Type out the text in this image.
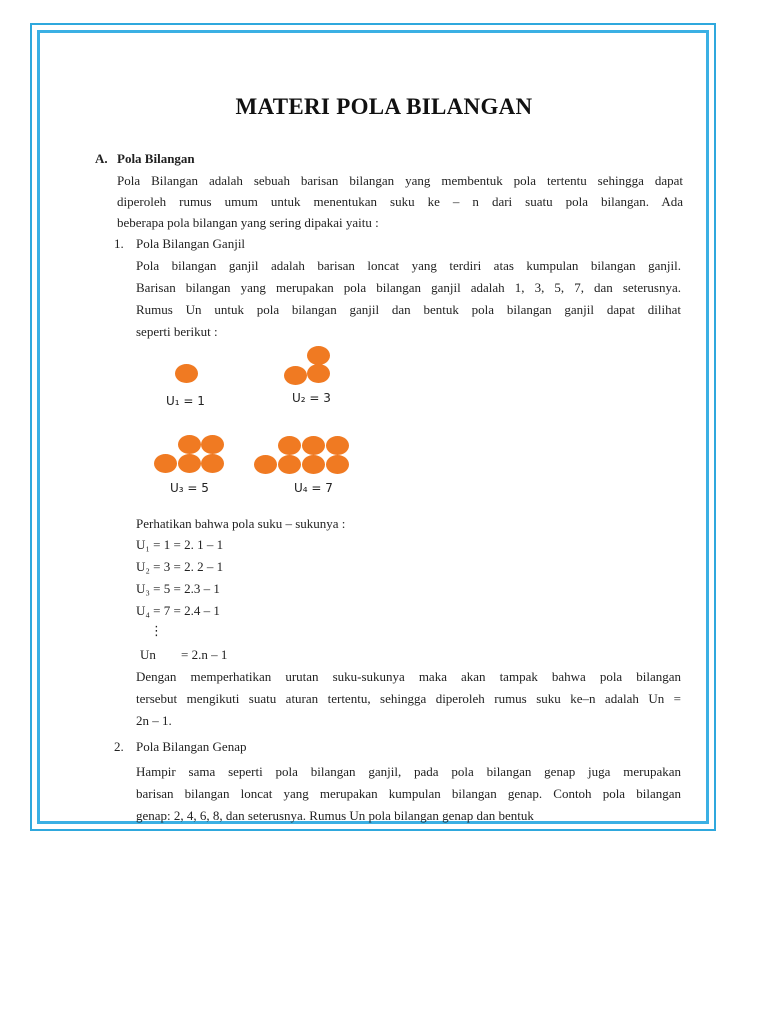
MATERI POLA BILANGAN
A. Pola Bilangan
Pola Bilangan adalah sebuah barisan bilangan yang membentuk pola tertentu sehingga dapat
diperoleh rumus umum untuk menentukan suku ke – n dari suatu pola bilangan. Ada
beberapa pola bilangan yang sering dipakai yaitu :
1. Pola Bilangan Ganjil
Pola bilangan ganjil adalah barisan loncat yang terdiri atas kumpulan bilangan ganjil.
Barisan bilangan yang merupakan pola bilangan ganjil adalah 1, 3, 5, 7, dan seterusnya.
Rumus Un untuk pola bilangan ganjil dan bentuk pola bilangan ganjil dapat dilihat
seperti berikut :
U₁ = 1	U₂ = 3
U₃ = 5	U₄ = 7
Perhatikan bahwa pola suku – sukunya :
U₁ = 1 = 2. 1 – 1
U₂ = 3 = 2. 2 – 1
U₃ = 5 = 2.3 – 1
U₄ = 7 = 2.4 – 1
⋮
Un = 2.n – 1
Dengan memperhatikan urutan suku-sukunya maka akan tampak bahwa pola bilangan
tersebut mengikuti suatu aturan tertentu, sehingga diperoleh rumus suku ke–n adalah Un =
2n – 1.
2. Pola Bilangan Genap
Hampir sama seperti pola bilangan ganjil, pada pola bilangan genap juga merupakan
barisan bilangan loncat yang merupakan kumpulan bilangan genap. Contoh pola bilangan
genap: 2, 4, 6, 8, dan seterusnya. Rumus Un pola bilangan genap dan bentuk
